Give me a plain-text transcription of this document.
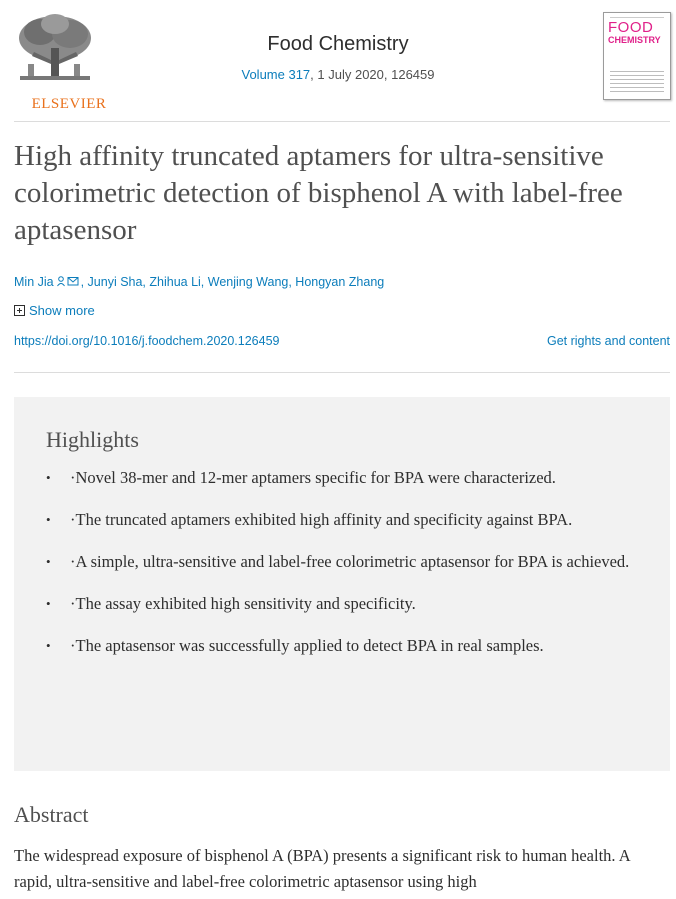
ELSEVIER
Food Chemistry
Volume 317, 1 July 2020, 126459
FOOD
CHEMISTRY
High affinity truncated aptamers for ultra-sensitive colorimetric detection of bisphenol A with label-free aptasensor
Min Jia , Junyi Sha, Zhihua Li, Wenjing Wang, Hongyan Zhang
Show more
https://doi.org/10.1016/j.foodchem.2020.126459	Get rights and content
Highlights
• ·Novel 38-mer and 12-mer aptamers specific for BPA were characterized.
• ·The truncated aptamers exhibited high affinity and specificity against BPA.
• ·A simple, ultra-sensitive and label-free colorimetric aptasensor for BPA is achieved.
• ·The assay exhibited high sensitivity and specificity.
• ·The aptasensor was successfully applied to detect BPA in real samples.
Abstract

The widespread exposure of bisphenol A (BPA) presents a significant risk to human health. A rapid, ultra-sensitive and label-free colorimetric aptasensor using high
